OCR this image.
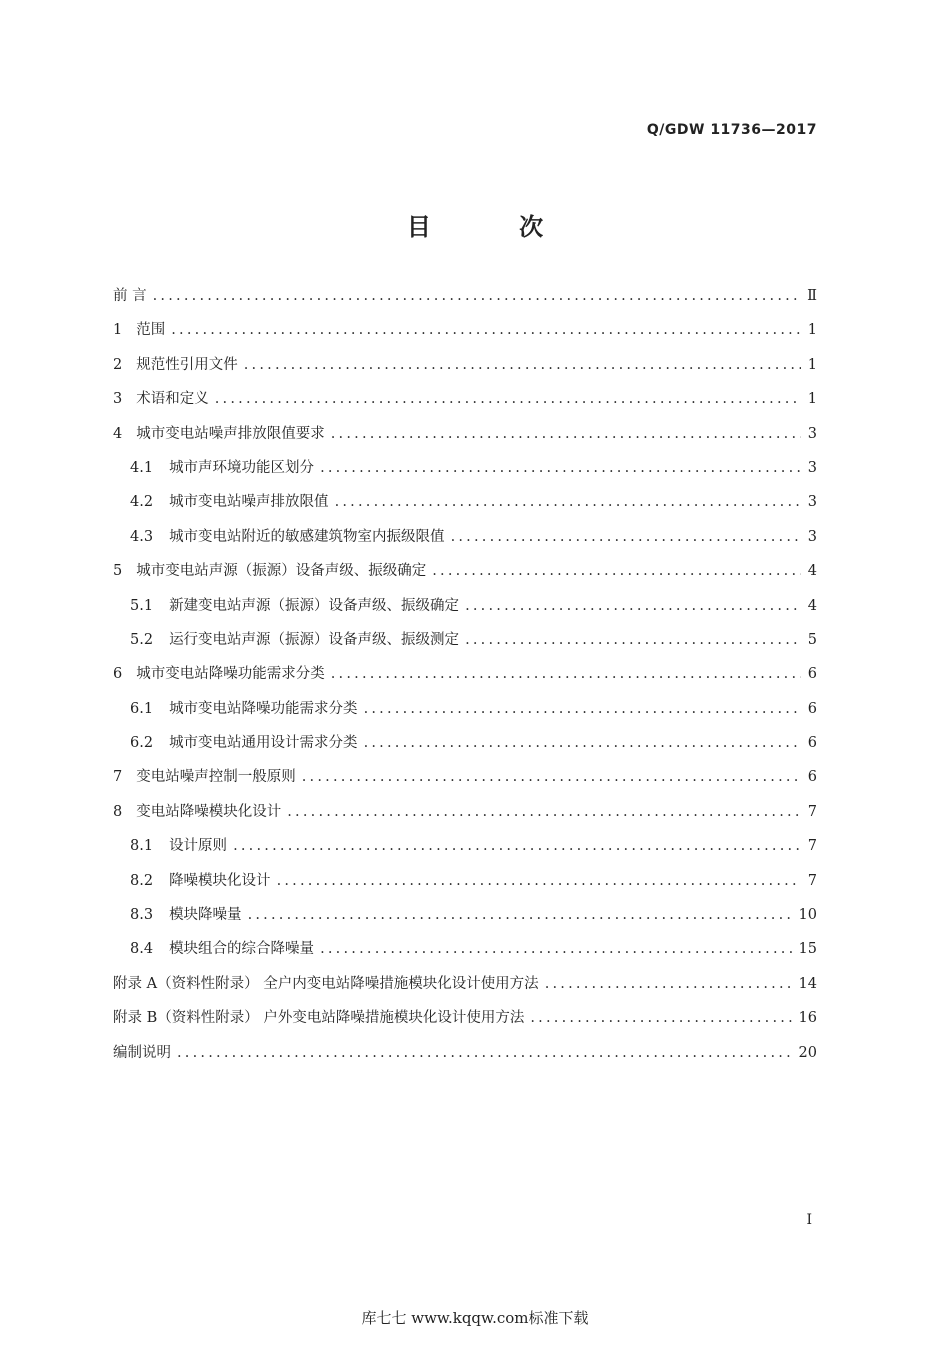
Q/GDW 11736—2017
目 次
前 言 .....	Ⅱ
1 范围 .....	1
2 规范性引用文件 .....	1
3 术语和定义 .....	1
4 城市变电站噪声排放限值要求 .....	3
4.1 城市声环境功能区划分 .....	3
4.2 城市变电站噪声排放限值 .....	3
4.3 城市变电站附近的敏感建筑物室内振级限值 .....	3
5 城市变电站声源（振源）设备声级、振级确定 .....	4
5.1 新建变电站声源（振源）设备声级、振级确定 .....	4
5.2 运行变电站声源（振源）设备声级、振级测定 .....	5
6 城市变电站降噪功能需求分类 .....	6
6.1 城市变电站降噪功能需求分类 .....	6
6.2 城市变电站通用设计需求分类 .....	6
7 变电站噪声控制一般原则 .....	6
8 变电站降噪模块化设计 .....	7
8.1 设计原则 .....	7
8.2 降噪模块化设计 .....	7
8.3 模块降噪量 .....	10
8.4 模块组合的综合降噪量 .....	15
附录 A（资料性附录） 全户内变电站降噪措施模块化设计使用方法 .....	14
附录 B（资料性附录） 户外变电站降噪措施模块化设计使用方法 .....	16
编制说明 .....	20
I
库七七 www.kqqw.com标准下载
